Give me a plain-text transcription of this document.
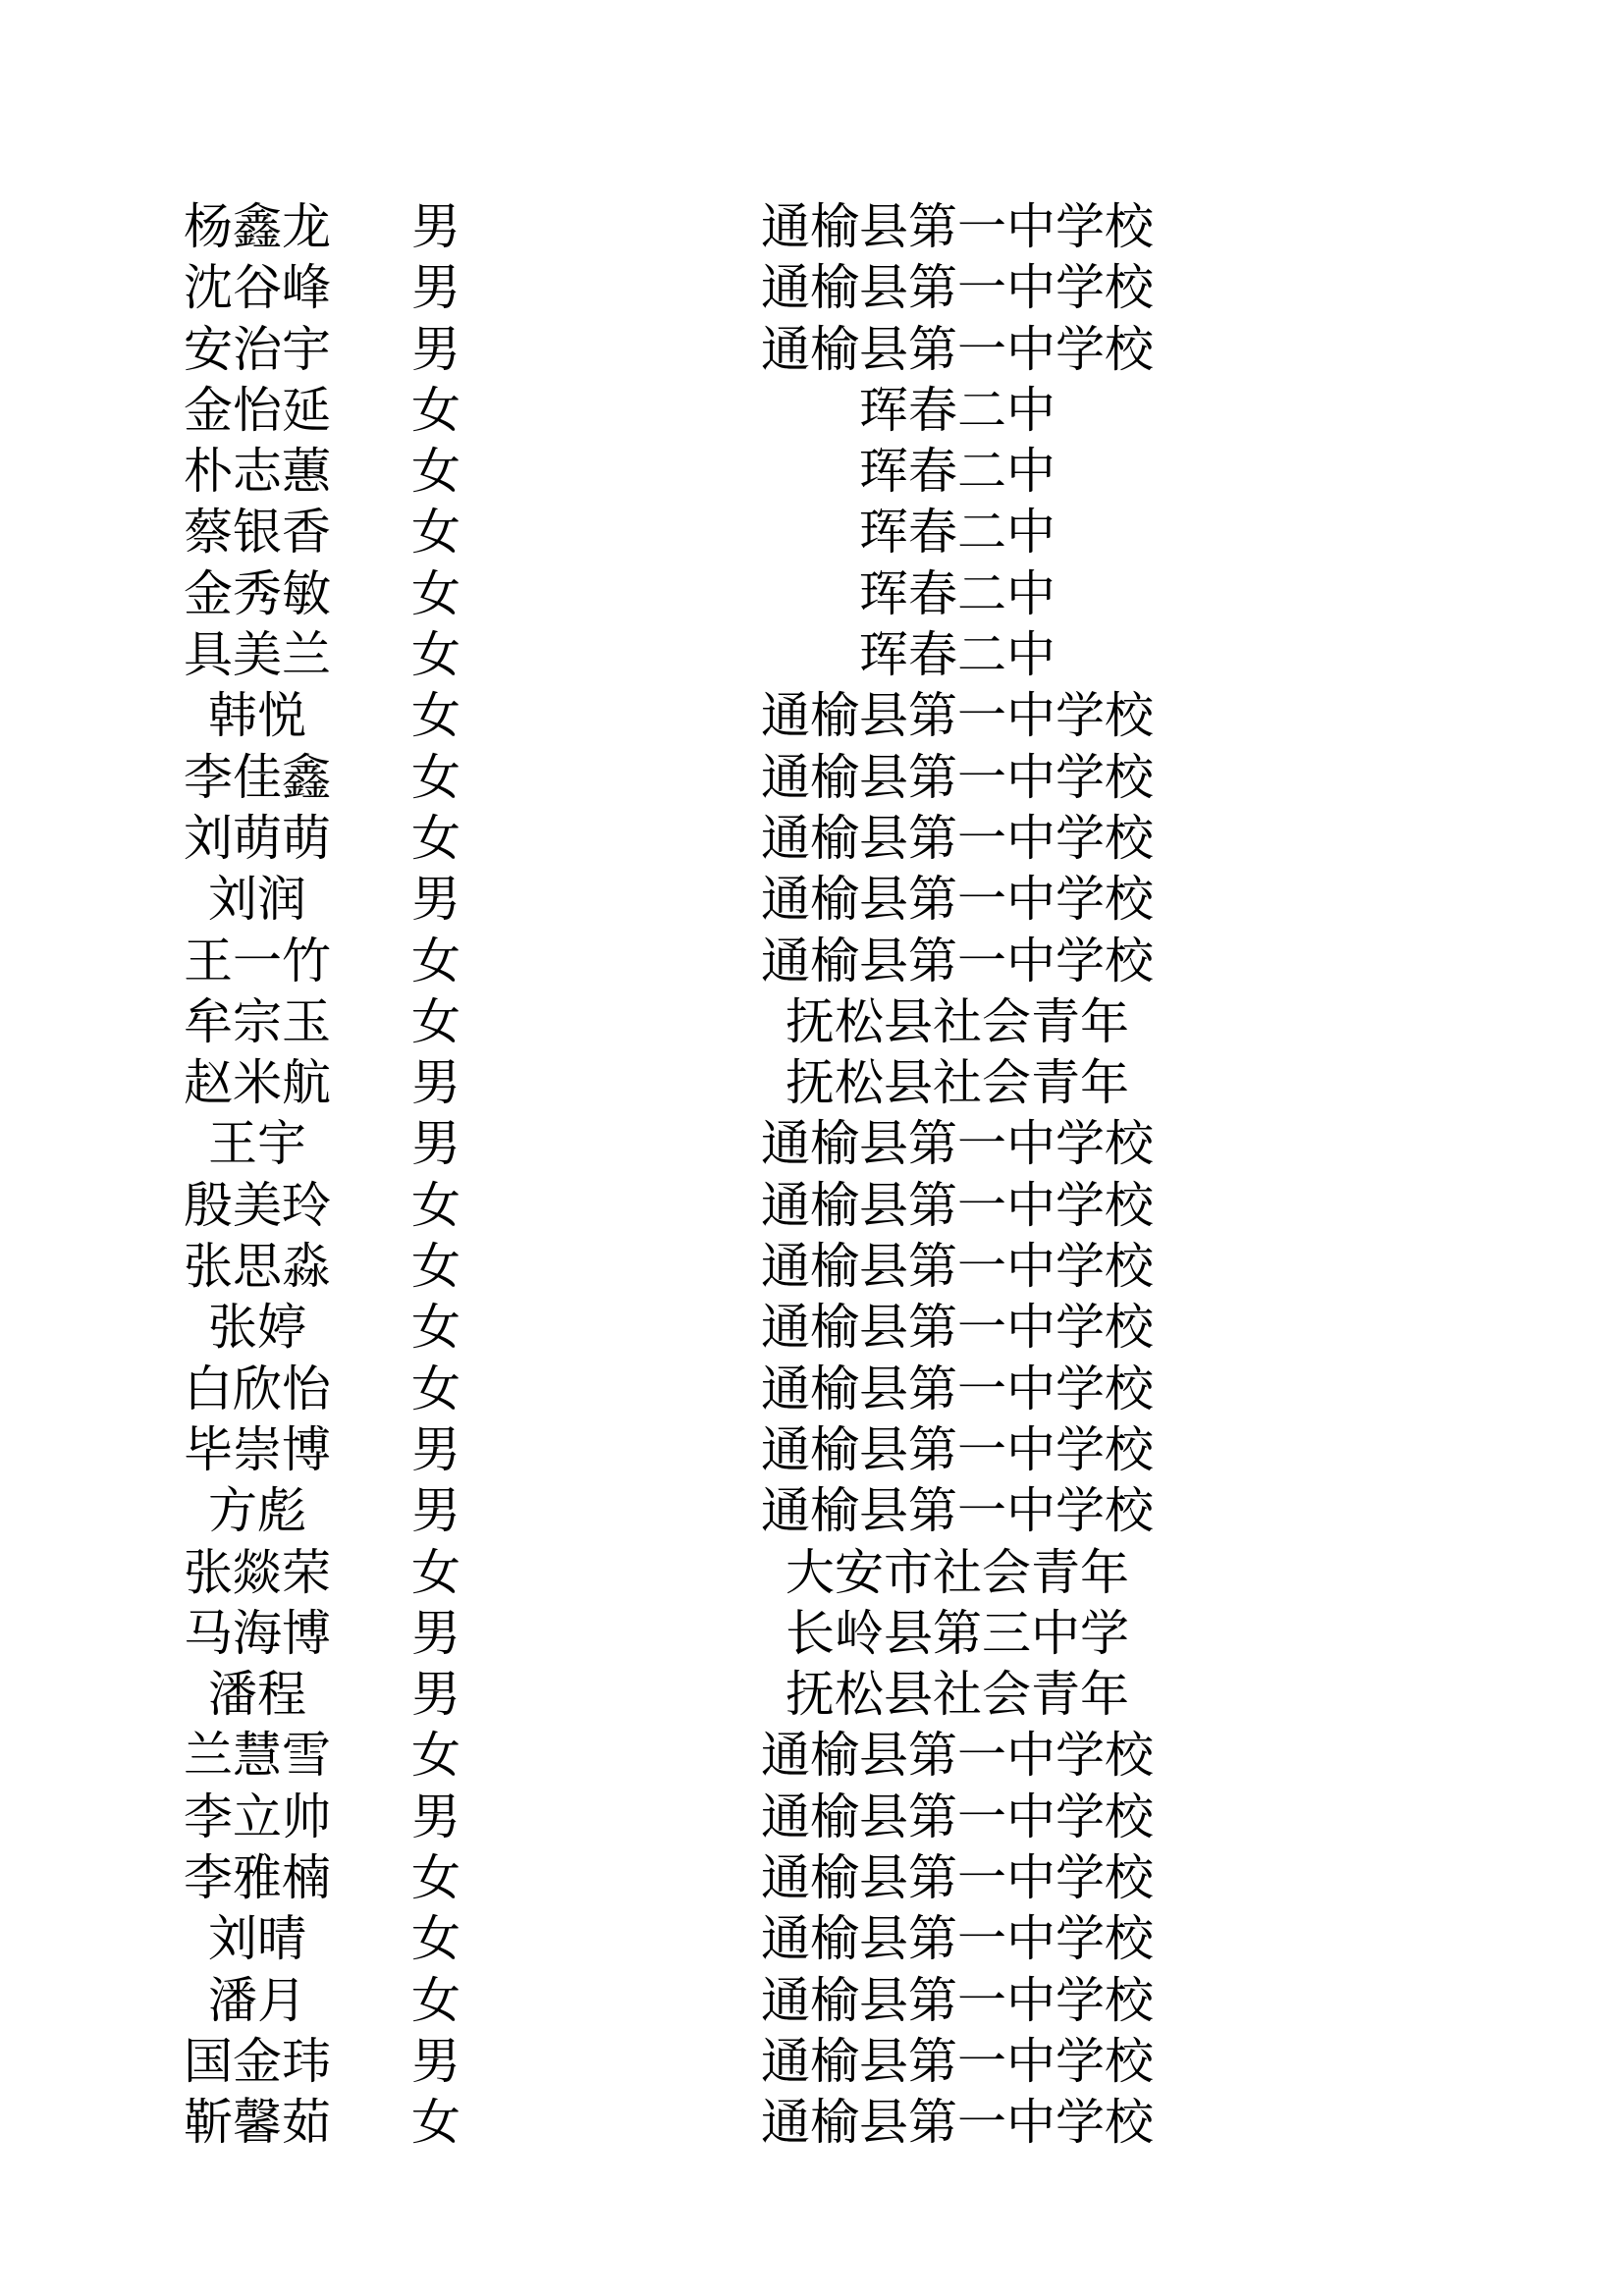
杨鑫龙	男	通榆县第一中学校
沈谷峰	男	通榆县第一中学校
安治宇	男	通榆县第一中学校
金怡延	女	珲春二中
朴志蕙	女	珲春二中
蔡银香	女	珲春二中
金秀敏	女	珲春二中
具美兰	女	珲春二中
韩悦	女	通榆县第一中学校
李佳鑫	女	通榆县第一中学校
刘萌萌	女	通榆县第一中学校
刘润	男	通榆县第一中学校
王一竹	女	通榆县第一中学校
牟宗玉	女	抚松县社会青年
赵米航	男	抚松县社会青年
王宇	男	通榆县第一中学校
殷美玲	女	通榆县第一中学校
张思淼	女	通榆县第一中学校
张婷	女	通榆县第一中学校
白欣怡	女	通榆县第一中学校
毕崇博	男	通榆县第一中学校
方彪	男	通榆县第一中学校
张燚荣	女	大安市社会青年
马海博	男	长岭县第三中学
潘程	男	抚松县社会青年
兰慧雪	女	通榆县第一中学校
李立帅	男	通榆县第一中学校
李雅楠	女	通榆县第一中学校
刘晴	女	通榆县第一中学校
潘月	女	通榆县第一中学校
国金玮	男	通榆县第一中学校
靳馨茹	女	通榆县第一中学校
